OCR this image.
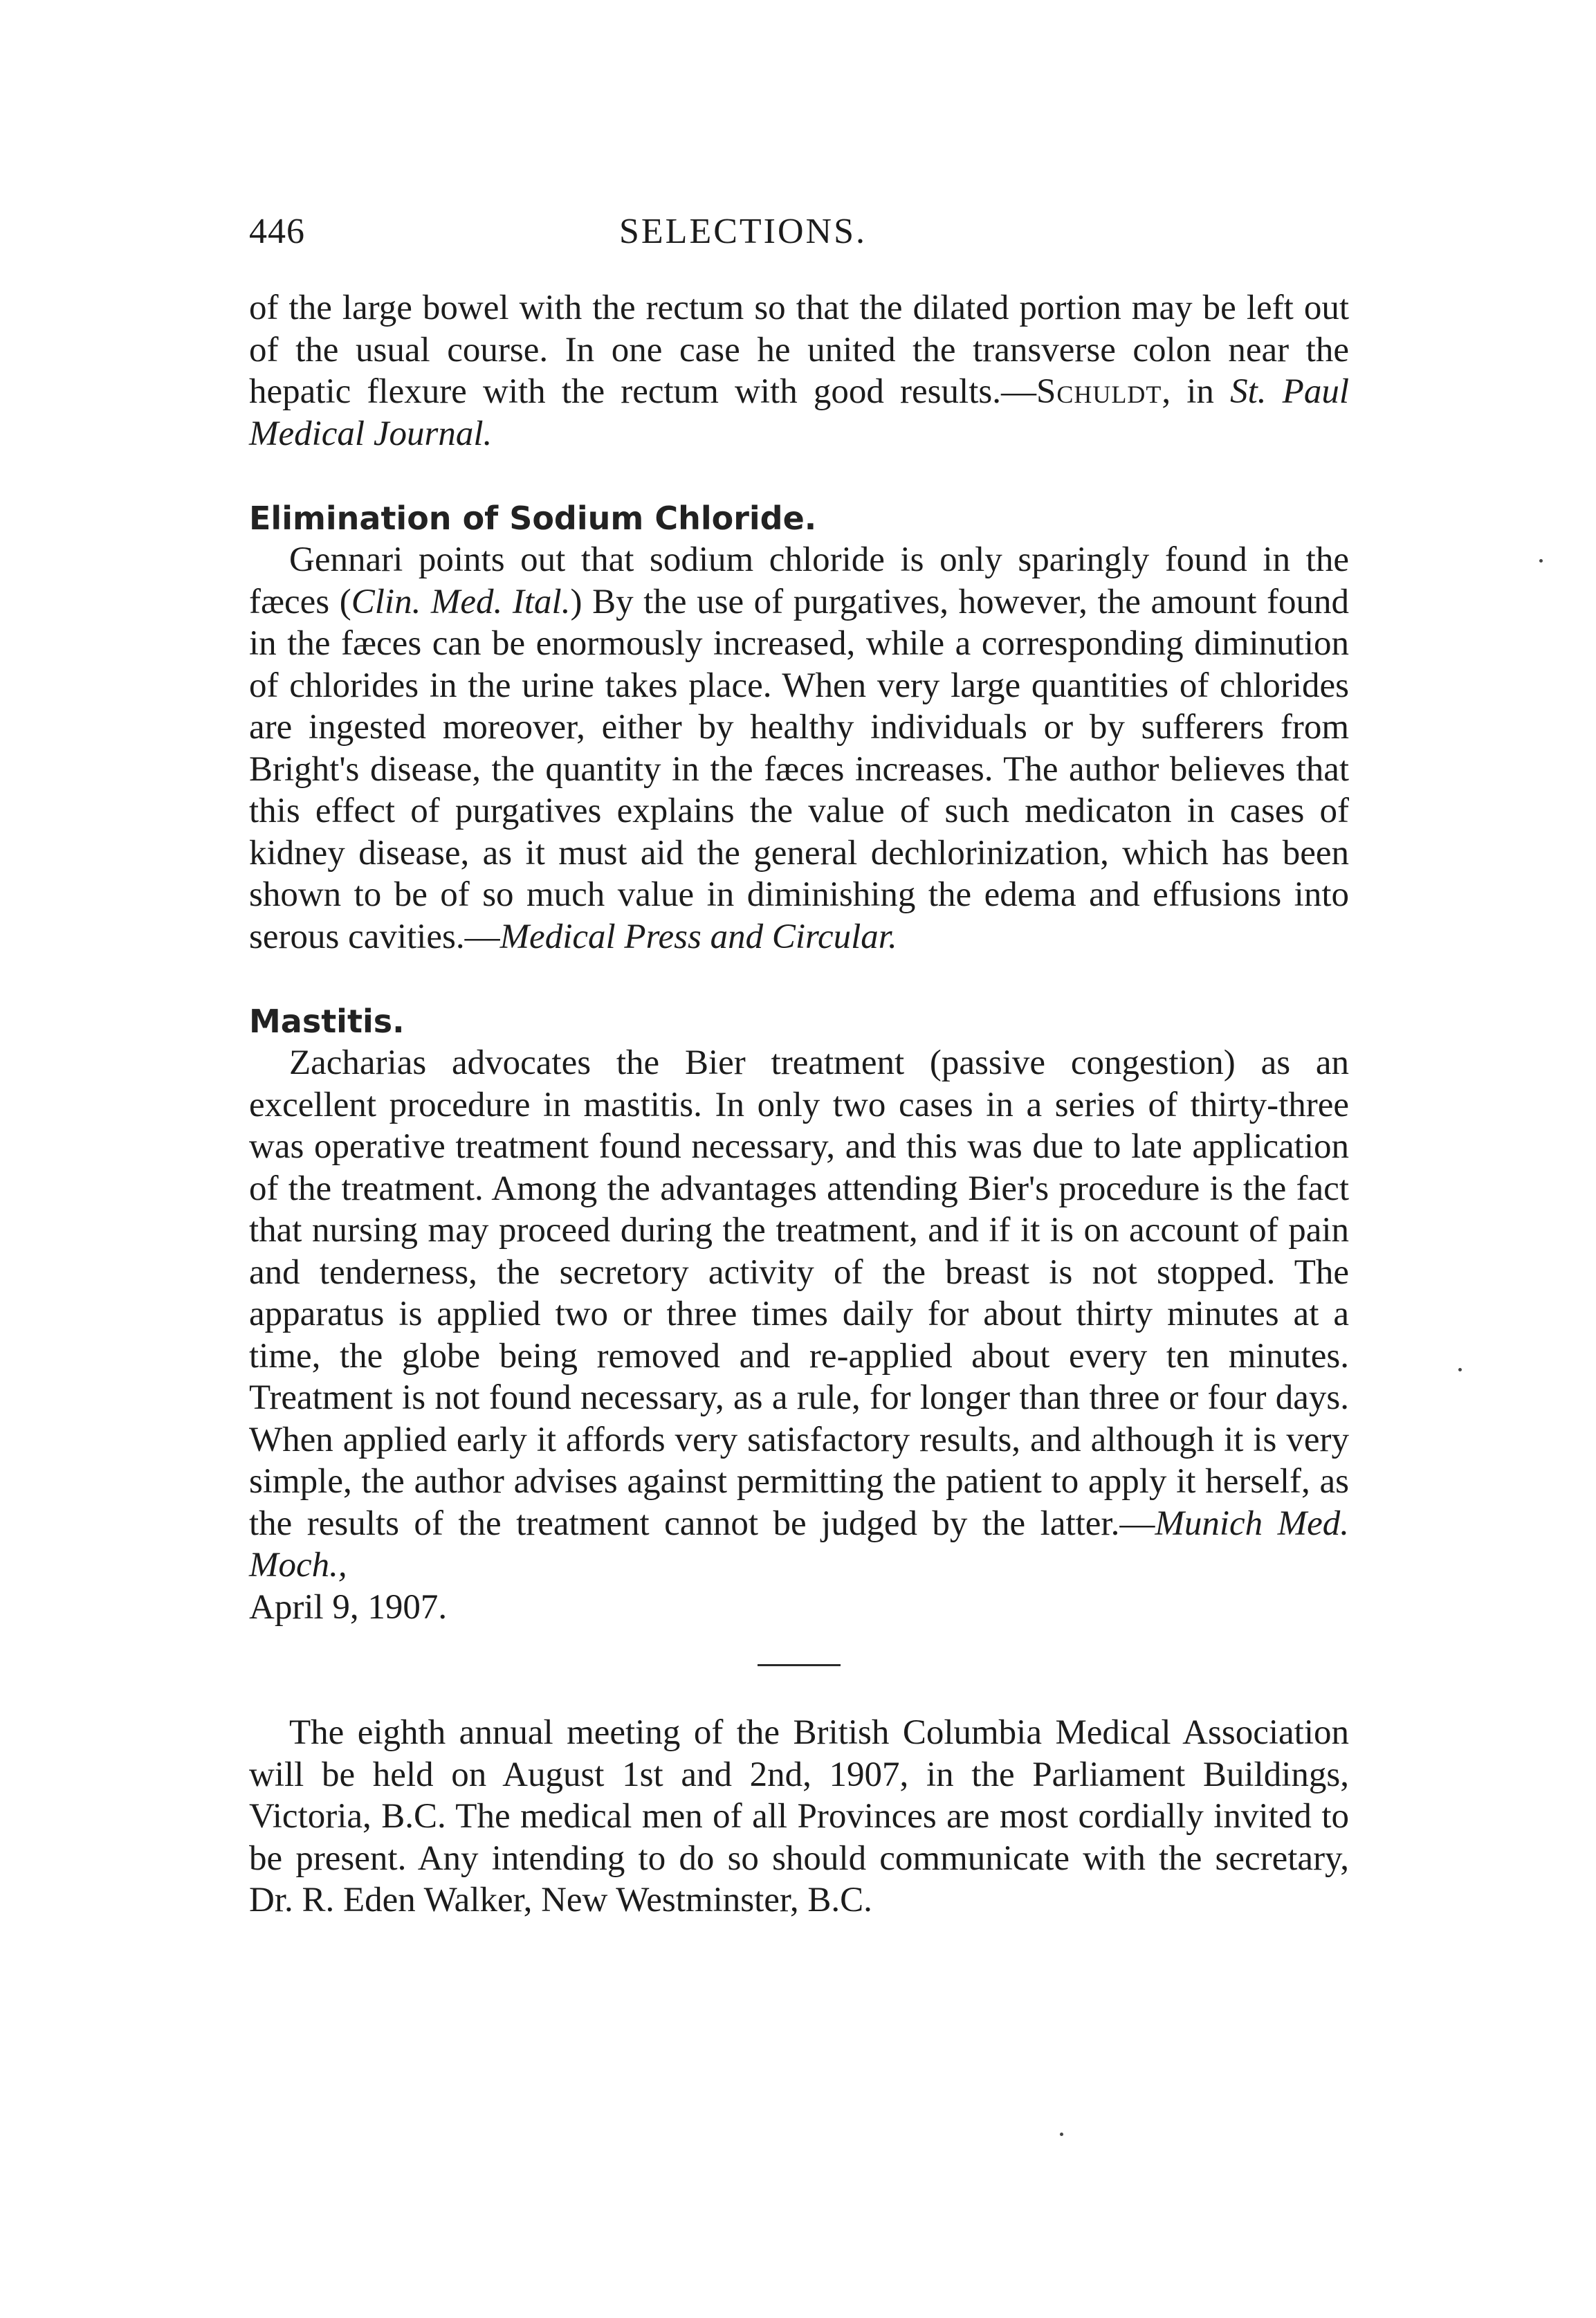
446	SELECTIONS.

of the large bowel with the rectum so that the dilated portion may be left out of the usual course. In one case he united the transverse colon near the hepatic flexure with the rectum with good results.—Schuldt, in St. Paul Medical Journal.

Elimination of Sodium Chloride.

Gennari points out that sodium chloride is only sparingly found in the fæces (Clin. Med. Ital.) By the use of purgatives, however, the amount found in the fæces can be enormously increased, while a corresponding diminution of chlorides in the urine takes place. When very large quantities of chlorides are ingested moreover, either by healthy individuals or by sufferers from Bright's disease, the quantity in the fæces increases. The author believes that this effect of purgatives explains the value of such medicaton in cases of kidney disease, as it must aid the general dechlorinization, which has been shown to be of so much value in diminishing the edema and effusions into serous cavities.—Medical Press and Circular.

Mastitis.

Zacharias advocates the Bier treatment (passive congestion) as an excellent procedure in mastitis. In only two cases in a series of thirty-three was operative treatment found necessary, and this was due to late application of the treatment. Among the advantages attending Bier's procedure is the fact that nursing may proceed during the treatment, and if it is on account of pain and tenderness, the secretory activity of the breast is not stopped. The apparatus is applied two or three times daily for about thirty minutes at a time, the globe being removed and re-applied about every ten minutes. Treatment is not found necessary, as a rule, for longer than three or four days. When applied early it affords very satisfactory results, and although it is very simple, the author advises against permitting the patient to apply it herself, as the results of the treatment cannot be judged by the latter.—Munich Med. Moch.,
April 9, 1907.

The eighth annual meeting of the British Columbia Medical Association will be held on August 1st and 2nd, 1907, in the Parliament Buildings, Victoria, B.C. The medical men of all Provinces are most cordially invited to be present. Any intending to do so should communicate with the secretary, Dr. R. Eden Walker, New Westminster, B.C.
